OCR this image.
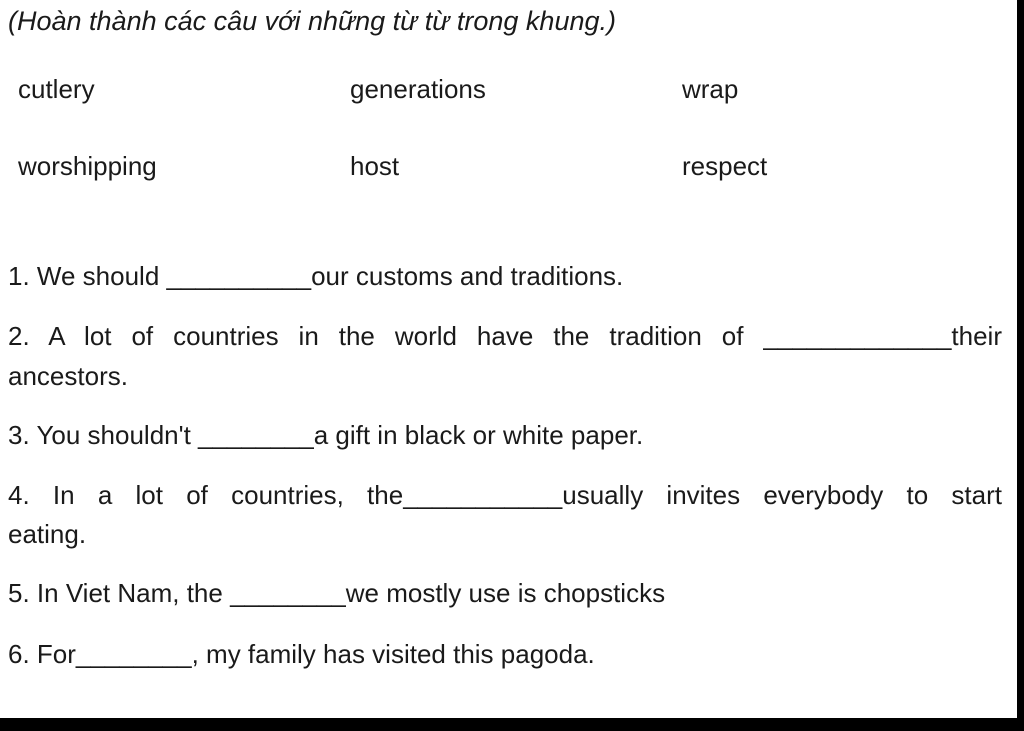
(Hoàn thành các câu với những từ từ trong khung.)
cutlery	generations	wrap
worshipping	host	respect
1. We should __________our customs and traditions.
2. A lot of countries in the world have the tradition of _____________their
ancestors.
3. You shouldn't ________a gift in black or white paper.
4. In a lot of countries, the___________usually invites everybody to start
eating.
5. In Viet Nam, the ________we mostly use is chopsticks
6. For________, my family has visited this pagoda.
